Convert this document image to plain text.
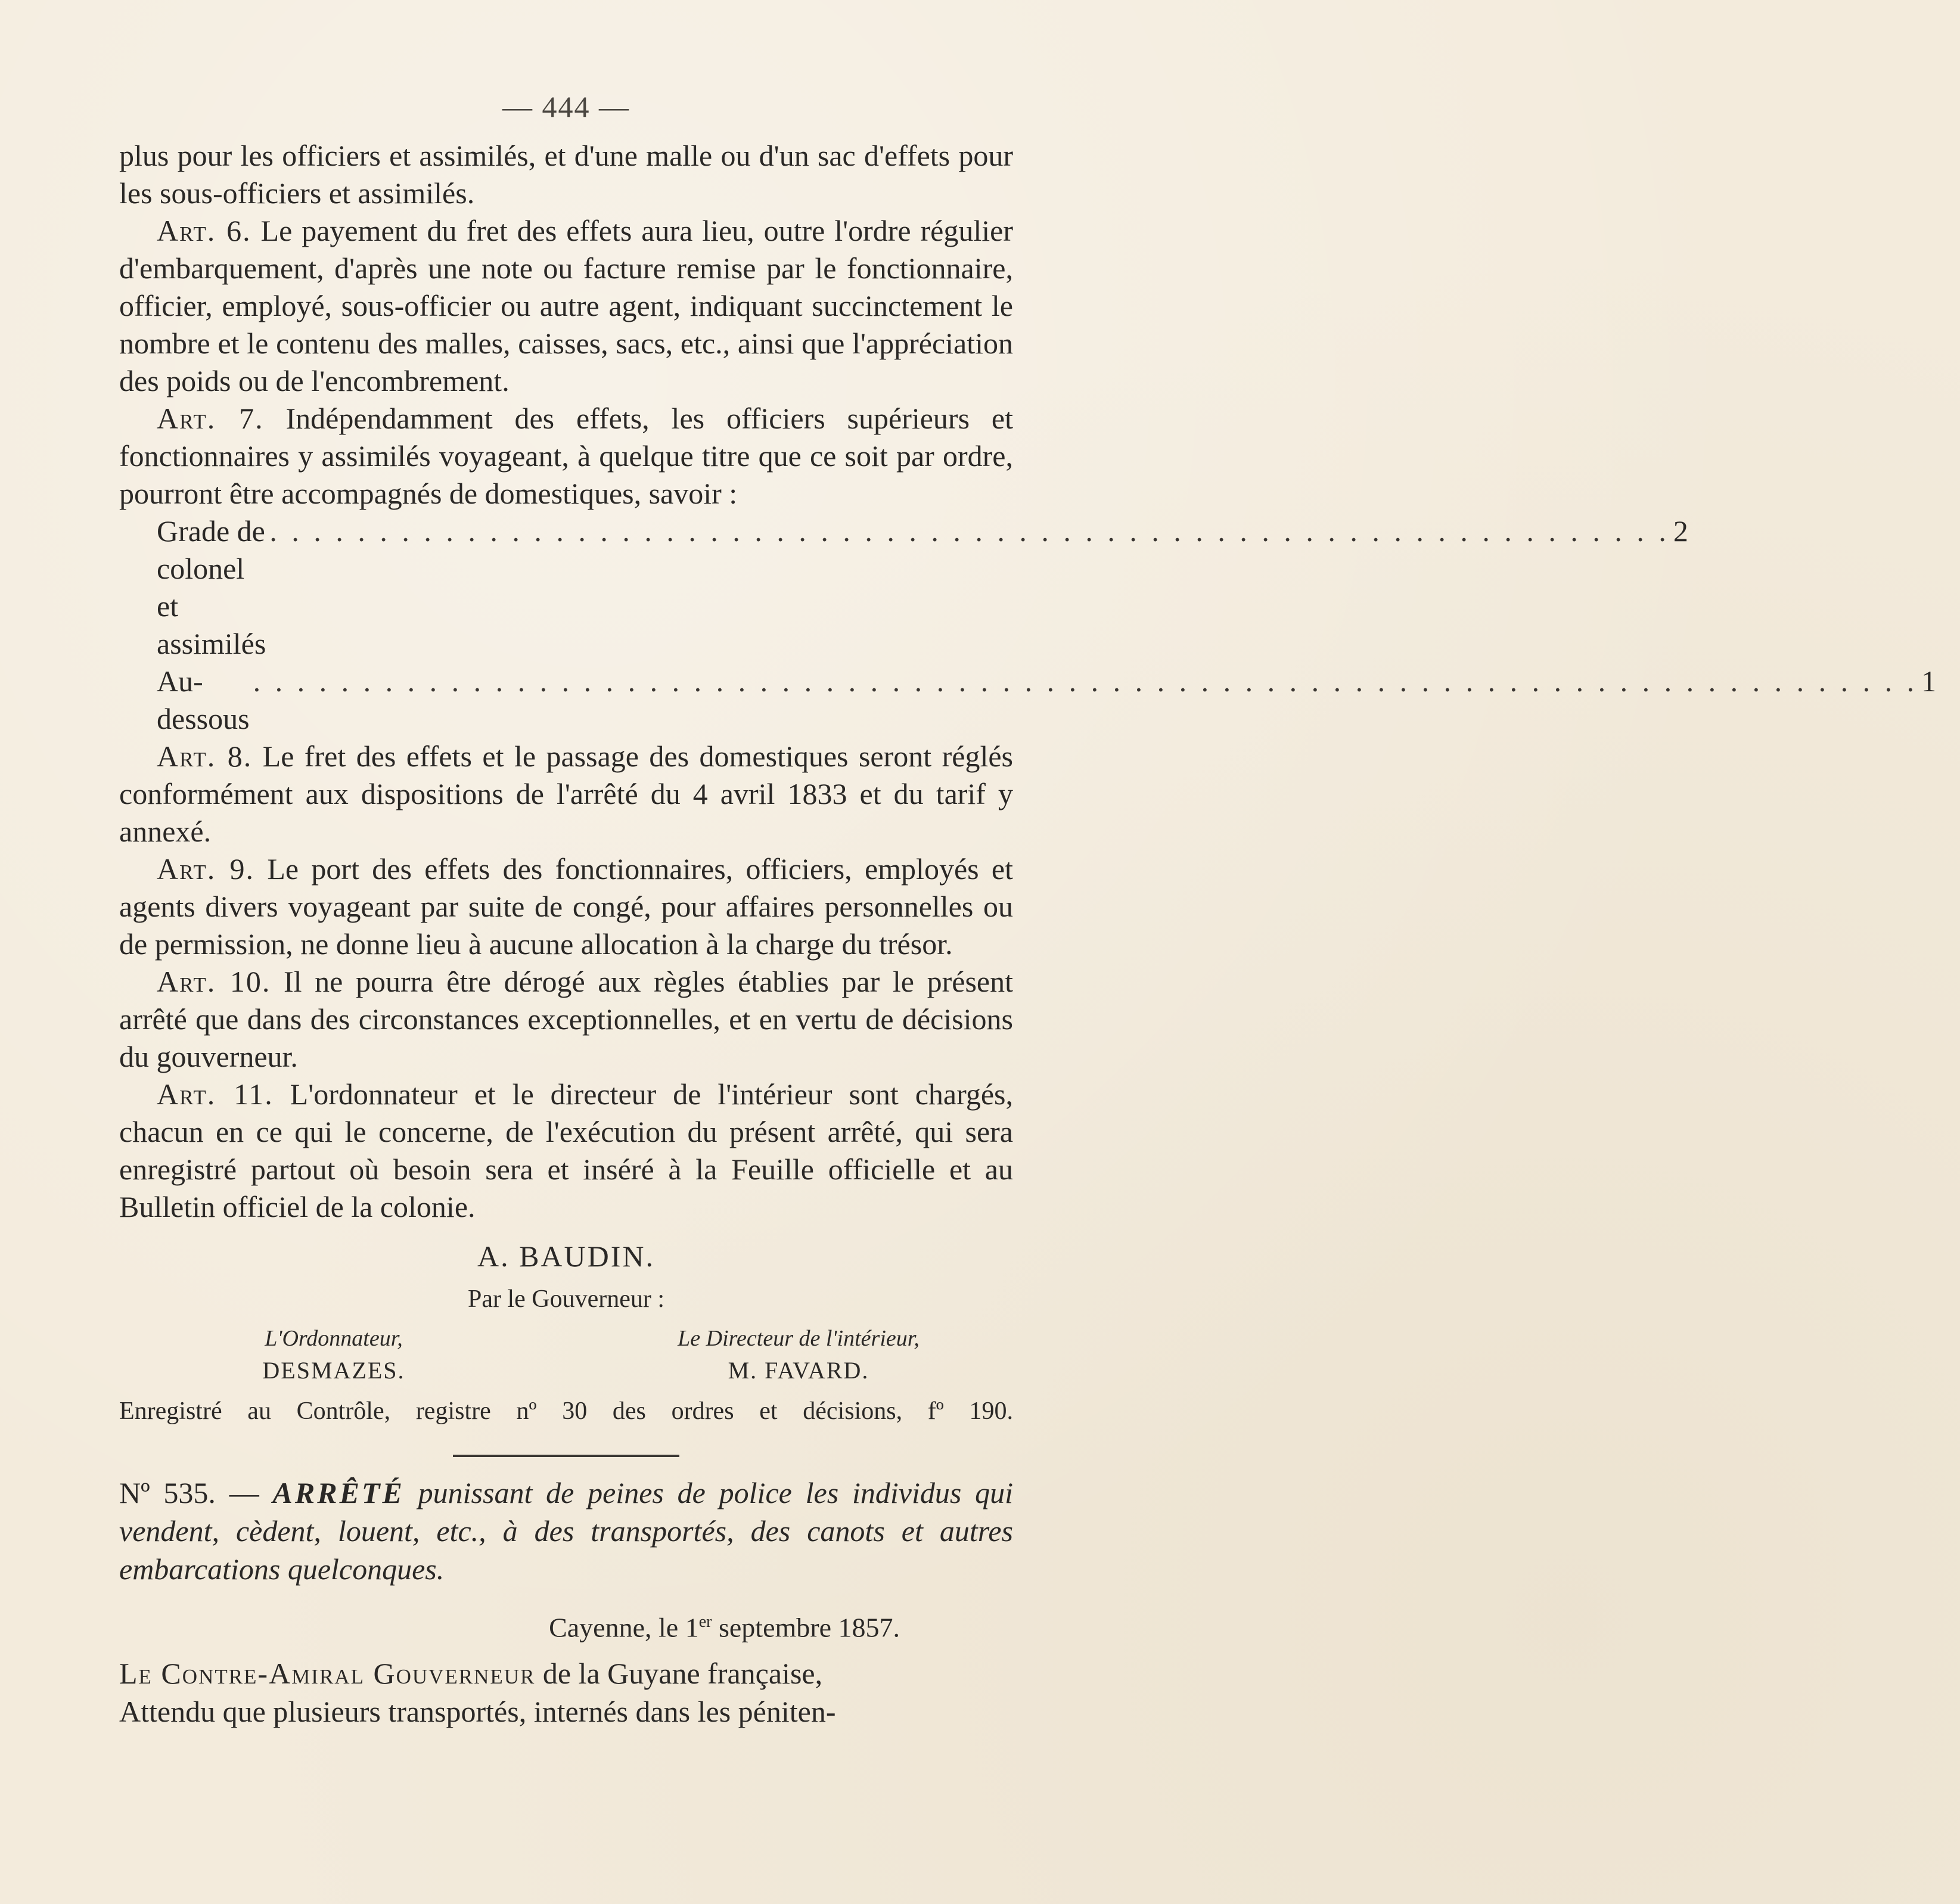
— 444 —

plus pour les officiers et assimilés, et d'une malle ou d'un sac d'effets pour les sous-officiers et assimilés.

Art. 6. Le payement du fret des effets aura lieu, outre l'ordre régulier d'embarquement, d'après une note ou facture remise par le fonctionnaire, officier, employé, sous-officier ou autre agent, indiquant succinctement le nombre et le contenu des malles, caisses, sacs, etc., ainsi que l'appréciation des poids ou de l'encombrement.

Art. 7. Indépendamment des effets, les officiers supérieurs et fonctionnaires y assimilés voyageant, à quelque titre que ce soit par ordre, pourront être accompagnés de domestiques, savoir :

Grade de colonel et assimilés
. . . . . . . . . . . . . . . . . . . . . . . . . . . . . . . . . . . . . . . . . . . . . . . . . . . . . . . . . . . . . . . . 2
Au-dessous
. . . . . . . . . . . . . . . . . . . . . . . . . . . . . . . . . . . . . . . . . . . . . . . . . . . . . . . . . . . . . . . . . . . . . . . . . . . . 1

Art. 8. Le fret des effets et le passage des domestiques seront réglés conformément aux dispositions de l'arrêté du 4 avril 1833 et du tarif y annexé.

Art. 9. Le port des effets des fonctionnaires, officiers, employés et agents divers voyageant par suite de congé, pour affaires personnelles ou de permission, ne donne lieu à aucune allocation à la charge du trésor.

Art. 10. Il ne pourra être dérogé aux règles établies par le présent arrêté que dans des circonstances exceptionnelles, et en vertu de décisions du gouverneur.

Art. 11. L'ordonnateur et le directeur de l'intérieur sont chargés, chacun en ce qui le concerne, de l'exécution du présent arrêté, qui sera enregistré partout où besoin sera et inséré à la Feuille officielle et au Bulletin officiel de la colonie.

A. BAUDIN.
Par le Gouverneur :
L'Ordonnateur,
DESMAZES.
Le Directeur de l'intérieur,
M. FAVARD.
Enregistré au Contrôle, registre nº 30 des ordres et décisions, fº 190.
Nº 535. — ARRÊTÉ punissant de peines de police les individus qui vendent, cèdent, louent, etc., à des transportés, des canots et autres embarcations quelconques.
Cayenne, le 1er septembre 1857.
Le Contre-Amiral Gouverneur de la Guyane française,
Attendu que plusieurs transportés, internés dans les péniten-
